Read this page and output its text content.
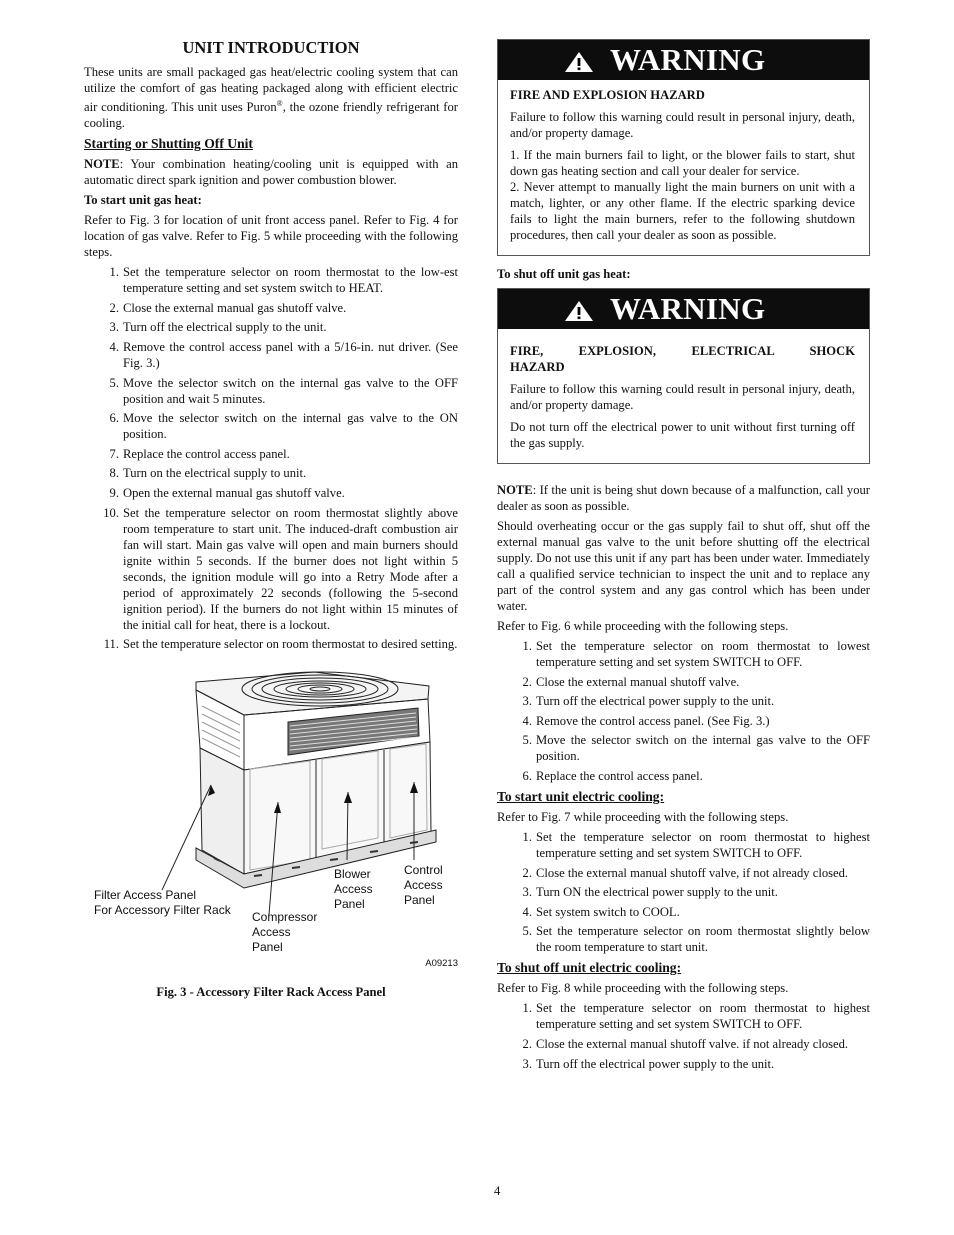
UNIT INTRODUCTION

These units are small packaged gas heat/electric cooling system that can utilize the comfort of gas heating packaged along with efficient electric air conditioning. This unit uses Puron®, the ozone friendly refrigerant for cooling.

Starting or Shutting Off Unit

NOTE: Your combination heating/cooling unit is equipped with an automatic direct spark ignition and power combustion blower.

To start unit gas heat:

Refer to Fig. 3 for location of unit front access panel. Refer to Fig. 4 for location of gas valve. Refer to Fig. 5 while proceeding with the following steps.

1. Set the temperature selector on room thermostat to the low-est temperature setting and set system switch to HEAT.
2. Close the external manual gas shutoff valve.
3. Turn off the electrical supply to the unit.
4. Remove the control access panel with a 5/16-in. nut driver. (See Fig. 3.)
5. Move the selector switch on the internal gas valve to the OFF position and wait 5 minutes.
6. Move the selector switch on the internal gas valve to the ON position.
7. Replace the control access panel.
8. Turn on the electrical supply to unit.
9. Open the external manual gas shutoff valve.
10. Set the temperature selector on room thermostat slightly above room temperature to start unit. The induced-draft combustion air fan will start. Main gas valve will open and main burners should ignite within 5 seconds. If the burner does not light within 5 seconds, the ignition module will go into a Retry Mode after a period of approximately 22 seconds (following the 5-second ignition period). If the burners do not light within 15 minutes of the initial call for heat, there is a lockout.
11. Set the temperature selector on room thermostat to desired setting.
Filter Access Panel
For Accessory Filter Rack Compressor
Access
Panel
Blower
Access
Panel
Control
Access
Panel
A09213
Fig. 3 - Accessory Filter Rack Access Panel
WARNING

FIRE AND EXPLOSION HAZARD

Failure to follow this warning could result in personal injury, death, and/or property damage.

1. If the main burners fail to light, or the blower fails to start, shut down gas heating section and call your dealer for service.

2. Never attempt to manually light the main burners on unit with a match, lighter, or any other flame. If the electric sparking device fails to light the main burners, refer to the following shutdown procedures, then call your dealer as soon as possible.

To shut off unit gas heat:
WARNING

FIRE, EXPLOSION, ELECTRICAL SHOCK HAZARD

Failure to follow this warning could result in personal injury, death, and/or property damage.

Do not turn off the electrical power to unit without first turning off the gas supply.

NOTE: If the unit is being shut down because of a malfunction, call your dealer as soon as possible.

Should overheating occur or the gas supply fail to shut off, shut off the external manual gas valve to the unit before shutting off the electrical supply. Do not use this unit if any part has been under water. Immediately call a qualified service technician to inspect the unit and to replace any part of the control system and any gas control which has been under water.

Refer to Fig. 6 while proceeding with the following steps.

1. Set the temperature selector on room thermostat to lowest temperature setting and set system SWITCH to OFF.
2. Close the external manual shutoff valve.
3. Turn off the electrical power supply to the unit.
4. Remove the control access panel. (See Fig. 3.)
5. Move the selector switch on the internal gas valve to the OFF position.
6. Replace the control access panel.
To start unit electric cooling:

Refer to Fig. 7 while proceeding with the following steps.

1. Set the temperature selector on room thermostat to highest temperature setting and set system SWITCH to OFF.
2. Close the external manual shutoff valve, if not already closed.
3. Turn ON the electrical power supply to the unit.
4. Set system switch to COOL.
5. Set the temperature selector on room thermostat slightly below the room temperature to start unit.
To shut off unit electric cooling:

Refer to Fig. 8 while proceeding with the following steps.

1. Set the temperature selector on room thermostat to highest temperature setting and set system SWITCH to OFF.
2. Close the external manual shutoff valve. if not already closed.
3. Turn off the electrical power supply to the unit.
4
